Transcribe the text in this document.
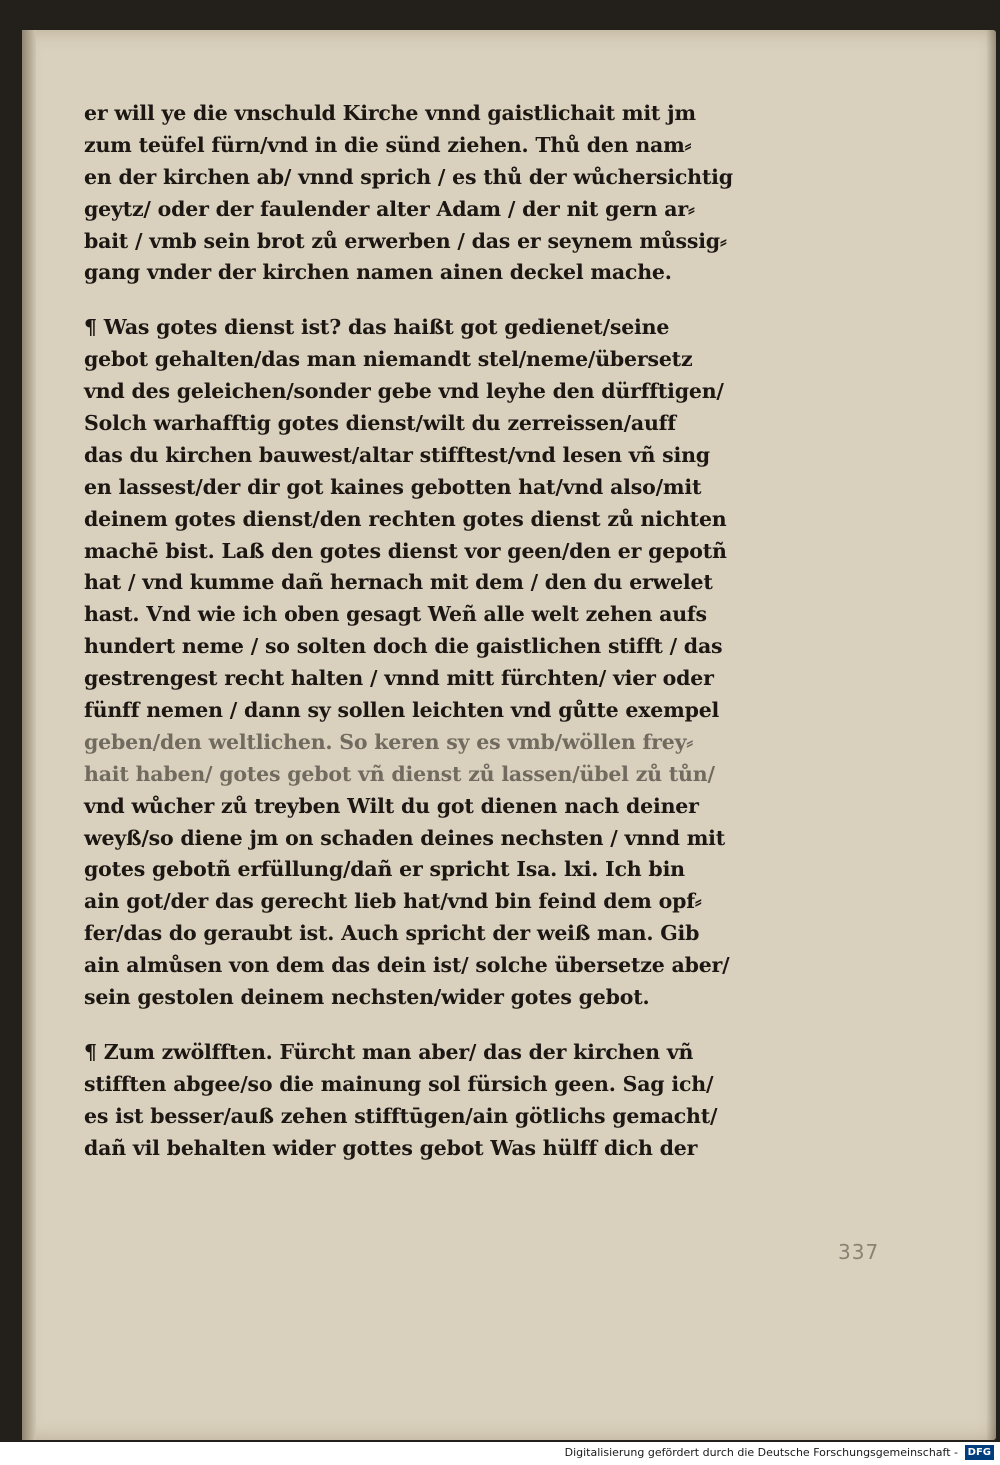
er will ye die vnschuld Kirche vnnd gaistlichait mit jm
zum teüfel fürn/vnd in die sünd ziehen. Thů den nam⸗
en der kirchen ab/ vnnd sprich / es thů der wůchersichtig
geytz/ oder der faulender alter Adam / der nit gern ar⸗
bait / vmb sein brot zů erwerben / das er seynem můssig⸗
gang vnder der kirchen namen ainen deckel mache.
¶ Was gotes dienst ist? das haißt got gedienet/seine
gebot gehalten/das man niemandt stel/neme/übersetz
vnd des geleichen/sonder gebe vnd leyhe den dürfftigen/
Solch warhafftig gotes dienst/wilt du zerreissen/auff
das du kirchen bauwest/altar stifftest/vnd lesen vñ sing
en lassest/der dir got kaines gebotten hat/vnd also/mit
deinem gotes dienst/den rechten gotes dienst zů nichten
machē bist. Laß den gotes dienst vor geen/den er gepotñ
hat / vnd kumme dañ hernach mit dem / den du erwelet
hast. Vnd wie ich oben gesagt Weñ alle welt zehen aufs
hundert neme / so solten doch die gaistlichen stifft / das
gestrengest recht halten / vnnd mitt fürchten/ vier oder
fünff nemen / dann sy sollen leichten vnd gůtte exempel
geben/den weltlichen. So keren sy es vmb/wöllen frey⸗
hait haben/ gotes gebot vñ dienst zů lassen/übel zů tůn/
vnd wůcher zů treyben Wilt du got dienen nach deiner
weyß/so diene jm on schaden deines nechsten / vnnd mit
gotes gebotñ erfüllung/dañ er spricht Isa. lxi. Ich bin
ain got/der das gerecht lieb hat/vnd bin feind dem opf⸗
fer/das do geraubt ist. Auch spricht der weiß man. Gib
ain almůsen von dem das dein ist/ solche übersetze aber/
sein gestolen deinem nechsten/wider gotes gebot.
¶ Zum zwölfften. Fürcht man aber/ das der kirchen vñ
stifften abgee/so die mainung sol fürsich geen. Sag ich/
es ist besser/auß zehen stifftūgen/ain götlichs gemacht/
dañ vil behalten wider gottes gebot Was hülff dich der
337
Digitalisierung gefördert durch die Deutsche Forschungsgemeinschaft - DFG
